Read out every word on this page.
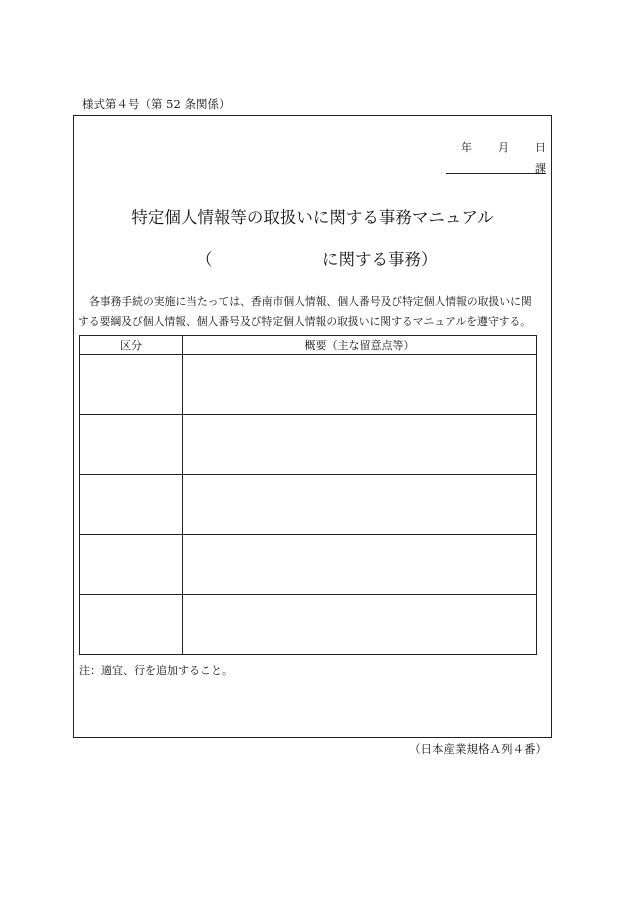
様式第４号（第 52 条関係）
年 月 日
課
特定個人情報等の取扱いに関する事務マニュアル
（	に関する事務）
各事務手続の実施に当たっては、香南市個人情報、個人番号及び特定個人情報の取扱いに関
する要綱及び個人情報、個人番号及び特定個人情報の取扱いに関するマニュアルを遵守する。
区分	概要（主な留意点等）

注：適宜、行を追加すること。
（日本産業規格Ａ列４番）
